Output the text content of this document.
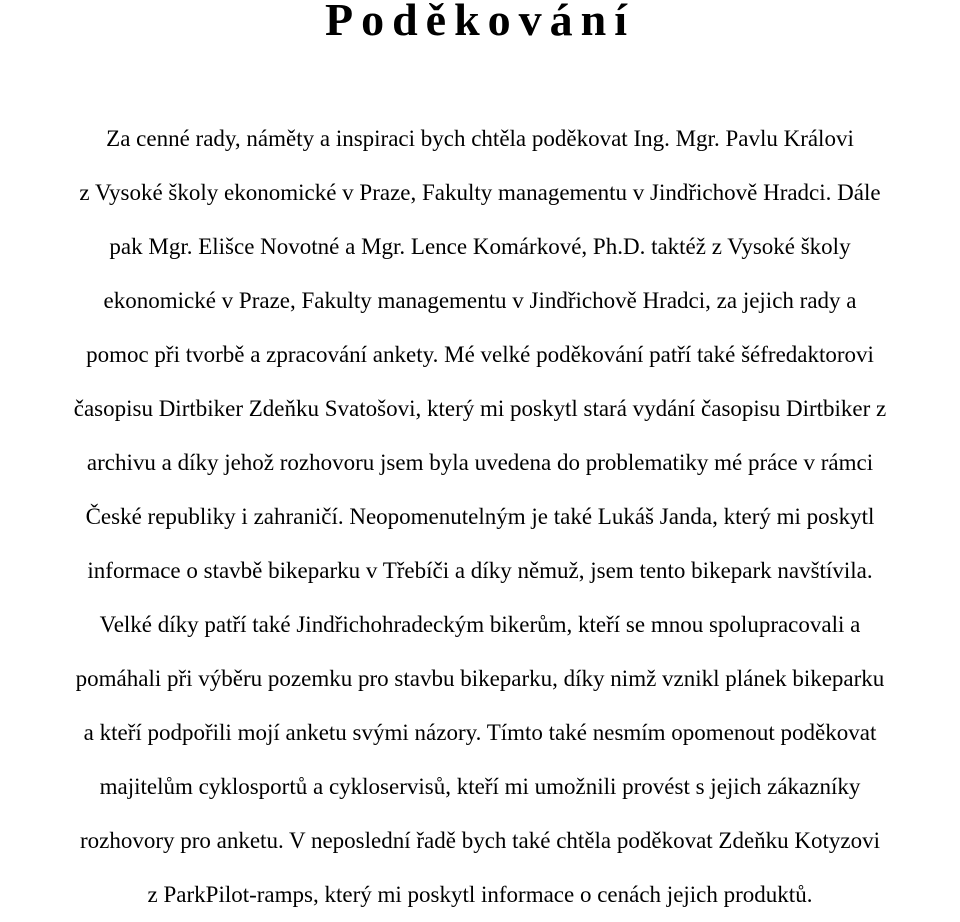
Poděkování
Za cenné rady, náměty a inspiraci bych chtěla poděkovat Ing. Mgr. Pavlu Královi
z Vysoké školy ekonomické v Praze, Fakulty managementu v Jindřichově Hradci. Dále
pak Mgr. Elišce Novotné a Mgr. Lence Komárkové, Ph.D. taktéž z Vysoké školy
ekonomické v Praze, Fakulty managementu v Jindřichově Hradci, za jejich rady a
pomoc při tvorbě a zpracování ankety. Mé velké poděkování patří také šéfredaktorovi
časopisu Dirtbiker Zdeňku Svatošovi, který mi poskytl stará vydání časopisu Dirtbiker z
archivu a díky jehož rozhovoru jsem byla uvedena do problematiky mé práce v rámci
České republiky i zahraničí. Neopomenutelným je také Lukáš Janda, který mi poskytl
informace o stavbě bikeparku v Třebíči a díky němuž, jsem tento bikepark navštívila.
Velké díky patří také Jindřichohradeckým bikerům, kteří se mnou spolupracovali a
pomáhali při výběru pozemku pro stavbu bikeparku, díky nimž vznikl plánek bikeparku
a kteří podpořili mojí anketu svými názory. Tímto také nesmím opomenout poděkovat
majitelům cyklosportů a cykloservisů, kteří mi umožnili provést s jejich zákazníky
rozhovory pro anketu. V neposlední řadě bych také chtěla poděkovat Zdeňku Kotyzovi
z ParkPilot-ramps, který mi poskytl informace o cenách jejich produktů.
